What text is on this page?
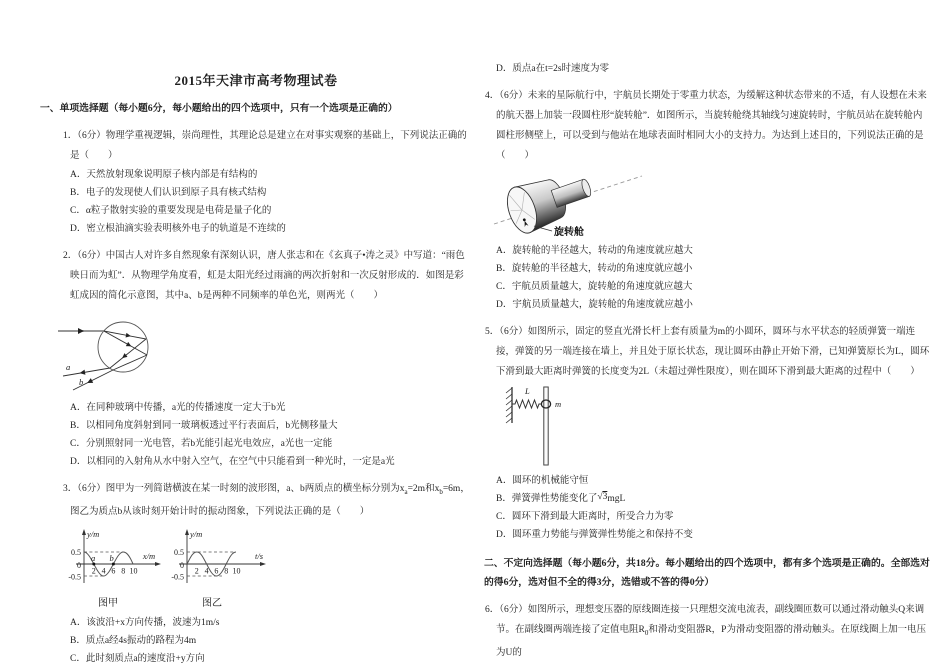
2015年天津市高考物理试卷
一、单项选择题（每小题6分，每小题给出的四个选项中，只有一个选项是正确的）
1．（6分）物理学重视逻辑，崇尚理性，其理论总是建立在对事实观察的基础上，下列说法正确的是（　　）
A．天然放射现象说明原子核内部是有结构的
B．电子的发现使人们认识到原子具有核式结构
C．α粒子散射实验的重要发现是电荷是量子化的
D．密立根油滴实验表明核外电子的轨道是不连续的
2．（6分）中国古人对许多自然现象有深刻认识，唐人张志和在《玄真子•涛之灵》中写道：“雨色映日而为虹”．从物理学角度看，虹是太阳光经过雨滴的两次折射和一次反射形成的．如图是彩虹成因的简化示意图，其中a、b是两种不同频率的单色光，则两光（　　）
a
b
A．在同种玻璃中传播，a光的传播速度一定大于b光
B．以相同角度斜射到同一玻璃板透过平行表面后，b光侧移量大
C．分别照射同一光电管，若b光能引起光电效应，a光也一定能
D．以相同的入射角从水中射入空气，在空气中只能看到一种光时，一定是a光
3．（6分）图甲为一列简谐横波在某一时刻的波形图，a、b两质点的横坐标分别为$x_a=2m$和$x_b=6m$，图乙为质点b从该时刻开始计时的振动图象，下列说法正确的是（　　）
a b
0.5
0
-0.5
2 4 6 8 10
y/m
x/m
图甲
0.5
0
-0.5
2 4 6 8 10
y/m
t/s
图乙
A．该波沿+x方向传播，波速为1m/s
B．质点a经4s振动的路程为4m
C．此时刻质点a的速度沿+y方向
D．质点a在t=2s时速度为零
4．（6分）未来的星际航行中，宇航员长期处于零重力状态，为缓解这种状态带来的不适，有人设想在未来的航天器上加装一段圆柱形“旋转舱”．如图所示，当旋转舱绕其轴线匀速旋转时，宇航员站在旋转舱内圆柱形侧壁上，可以受到与他站在地球表面时相同大小的支持力。为达到上述目的，下列说法正确的是（　　）
旋转舱
A．旋转舱的半径越大，转动的角速度就应越大
B．旋转舱的半径越大，转动的角速度就应越小
C．宇航员质量越大，旋转舱的角速度就应越大
D．宇航员质量越大，旋转舱的角速度就应越小
5．（6分）如图所示，固定的竖直光滑长杆上套有质量为m的小圆环，圆环与水平状态的轻质弹簧一端连接，弹簧的另一端连接在墙上，并且处于原长状态，现让圆环由静止开始下滑，已知弹簧原长为L，圆环下滑到最大距离时弹簧的长度变为2L（未超过弹性限度），则在圆环下滑到最大距离的过程中（　　）
L
m
A．圆环的机械能守恒
B．弹簧弹性势能变化了√3mgL
C．圆环下滑到最大距离时，所受合力为零
D．圆环重力势能与弹簧弹性势能之和保持不变
二、不定向选择题（每小题6分，共18分。每小题给出的四个选项中，都有多个选项是正确的。全部选对的得6分，选对但不全的得3分，选错或不答的得0分）
6．（6分）如图所示，理想变压器的原线圈连接一只理想交流电流表，副线圈匝数可以通过滑动触头Q来调节。在副线圈两端连接了定值电阻$R_0$和滑动变阻器R，P为滑动变阻器的滑动触头。在原线圈上加一电压为U的
